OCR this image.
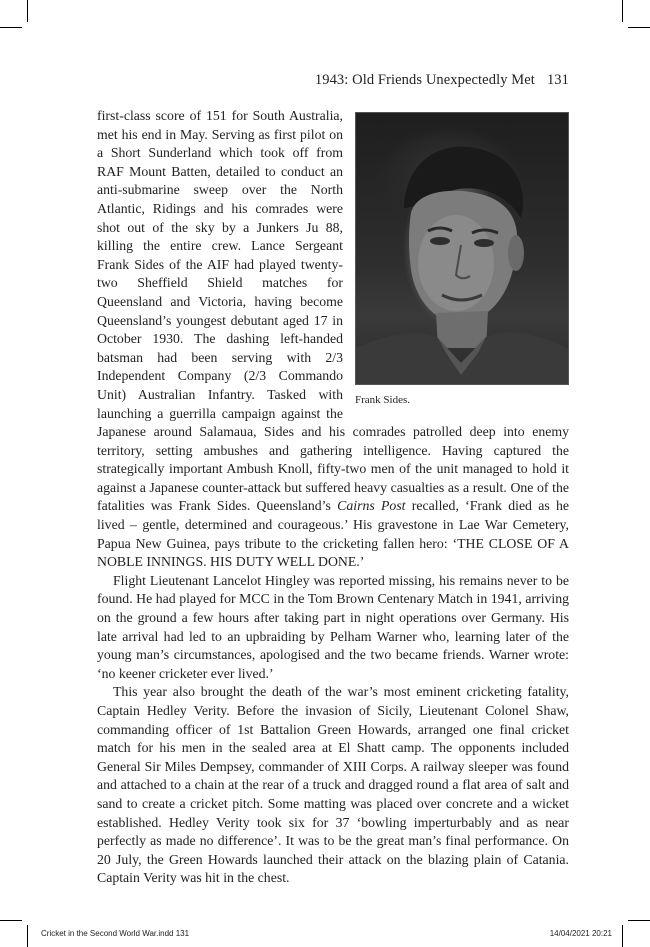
1943: Old Friends Unexpectedly Met 131
Frank Sides.

first-class score of 151 for South Australia, met his end in May. Serving as first pilot on a Short Sunderland which took off from RAF Mount Batten, detailed to conduct an anti-submarine sweep over the North Atlantic, Ridings and his comrades were shot out of the sky by a Junkers Ju 88, killing the entire crew. Lance Sergeant Frank Sides of the AIF had played twenty-two Sheffield Shield matches for Queensland and Victoria, having become Queensland’s youngest debutant aged 17 in October 1930. The dashing left-handed batsman had been serving with 2/3 Independent Company (2/3 Commando Unit) Australian Infantry. Tasked with launching a guerrilla campaign against the Japanese around Salamaua, Sides and his comrades patrolled deep into enemy territory, setting ambushes and gathering intelligence. Having captured the strategically important Ambush Knoll, fifty-two men of the unit managed to hold it against a Japanese counter-attack but suffered heavy casualties as a result. One of the fatalities was Frank Sides. Queensland’s Cairns Post recalled, ‘Frank died as he lived – gentle, determined and courageous.’ His gravestone in Lae War Cemetery, Papua New Guinea, pays tribute to the cricketing fallen hero: ‘THE CLOSE OF A NOBLE INNINGS. HIS DUTY WELL DONE.’

Flight Lieutenant Lancelot Hingley was reported missing, his remains never to be found. He had played for MCC in the Tom Brown Centenary Match in 1941, arriving on the ground a few hours after taking part in night operations over Germany. His late arrival had led to an upbraiding by Pelham Warner who, learning later of the young man’s circumstances, apologised and the two became friends. Warner wrote: ‘no keener cricketer ever lived.’

This year also brought the death of the war’s most eminent cricketing fatality, Captain Hedley Verity. Before the invasion of Sicily, Lieutenant Colonel Shaw, commanding officer of 1st Battalion Green Howards, arranged one final cricket match for his men in the sealed area at El Shatt camp. The opponents included General Sir Miles Dempsey, commander of XIII Corps. A railway sleeper was found and attached to a chain at the rear of a truck and dragged round a flat area of salt and sand to create a cricket pitch. Some matting was placed over concrete and a wicket established. Hedley Verity took six for 37 ‘bowling imperturbably and as near perfectly as made no difference’. It was to be the great man’s final performance. On 20 July, the Green Howards launched their attack on the blazing plain of Catania. Captain Verity was hit in the chest.

Cricket in the Second World War.indd 131	14/04/2021 20:21
